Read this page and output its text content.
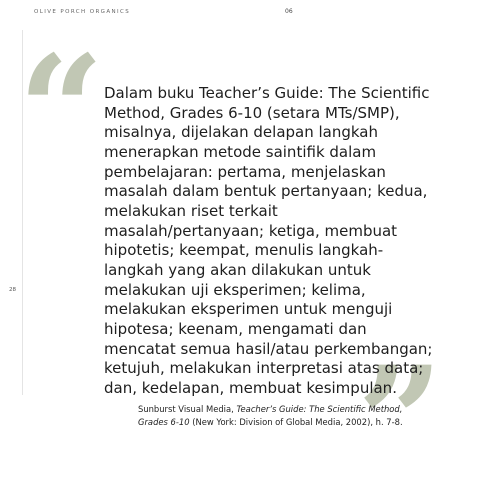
OLIVE PORCH ORGANICS	06
28
“
”

Dalam buku Teacher’s Guide: The Scientific Method, Grades 6-10 (setara MTs/SMP), misalnya, dijelakan delapan langkah menerapkan metode saintifik dalam pembelajaran: pertama, menjelaskan masalah dalam bentuk pertanyaan; kedua, melakukan riset terkait masalah/pertanyaan; ketiga, membuat hipotetis; keempat, menulis langkah-langkah yang akan dilakukan untuk melakukan uji eksperimen; kelima, melakukan eksperimen untuk menguji hipotesa; keenam, mengamati dan mencatat semua hasil/atau perkembangan; ketujuh, melakukan interpretasi atas data; dan, kedelapan, membuat kesimpulan.

Sunburst Visual Media, Teacher’s Guide: The Scientific Method, Grades 6-10 (New York: Division of Global Media, 2002), h. 7-8.
